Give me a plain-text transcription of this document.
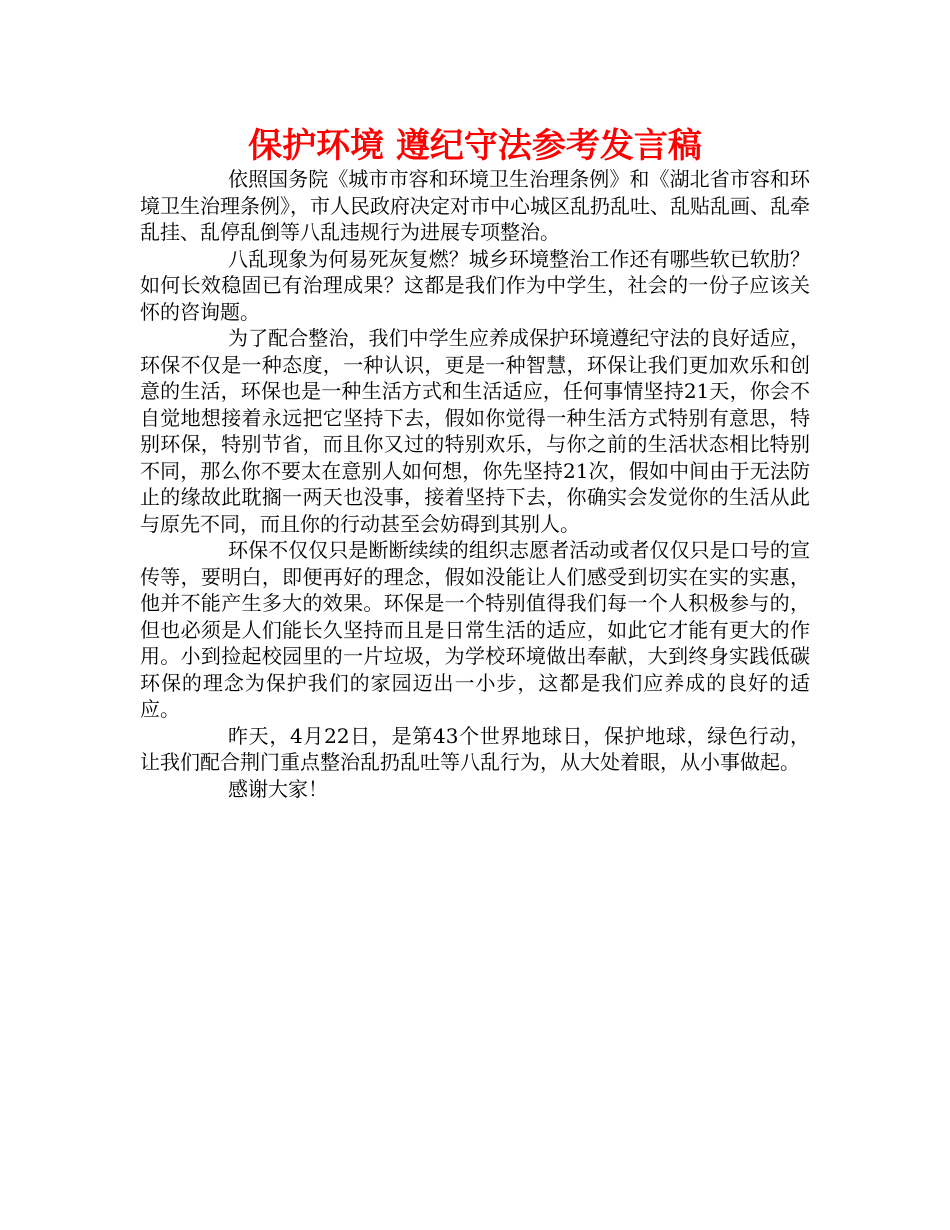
保护环境 遵纪守法参考发言稿

依照国务院《城市市容和环境卫生治理条例》和《湖北省市容和环境卫生治理条例》，市人民政府决定对市中心城区乱扔乱吐、乱贴乱画、乱牵乱挂、乱停乱倒等八乱违规行为进展专项整治。

八乱现象为何易死灰复燃？城乡环境整治工作还有哪些软已软肋？如何长效稳固已有治理成果？这都是我们作为中学生，社会的一份子应该关怀的咨询题。

为了配合整治，我们中学生应养成保护环境遵纪守法的良好适应，环保不仅是一种态度，一种认识，更是一种智慧，环保让我们更加欢乐和创意的生活，环保也是一种生活方式和生活适应，任何事情坚持21天，你会不自觉地想接着永远把它坚持下去，假如你觉得一种生活方式特别有意思，特别环保，特别节省，而且你又过的特别欢乐，与你之前的生活状态相比特别不同，那么你不要太在意别人如何想，你先坚持21次，假如中间由于无法防止的缘故此耽搁一两天也没事，接着坚持下去，你确实会发觉你的生活从此与原先不同，而且你的行动甚至会妨碍到其别人。

环保不仅仅只是断断续续的组织志愿者活动或者仅仅只是口号的宣传等，要明白，即便再好的理念，假如没能让人们感受到切实在实的实惠，他并不能产生多大的效果。环保是一个特别值得我们每一个人积极参与的，但也必须是人们能长久坚持而且是日常生活的适应，如此它才能有更大的作用。小到捡起校园里的一片垃圾，为学校环境做出奉献，大到终身实践低碳环保的理念为保护我们的家园迈出一小步，这都是我们应养成的良好的适应。

昨天，4月22日，是第43个世界地球日，保护地球，绿色行动，让我们配合荆门重点整治乱扔乱吐等八乱行为，从大处着眼，从小事做起。

感谢大家！
